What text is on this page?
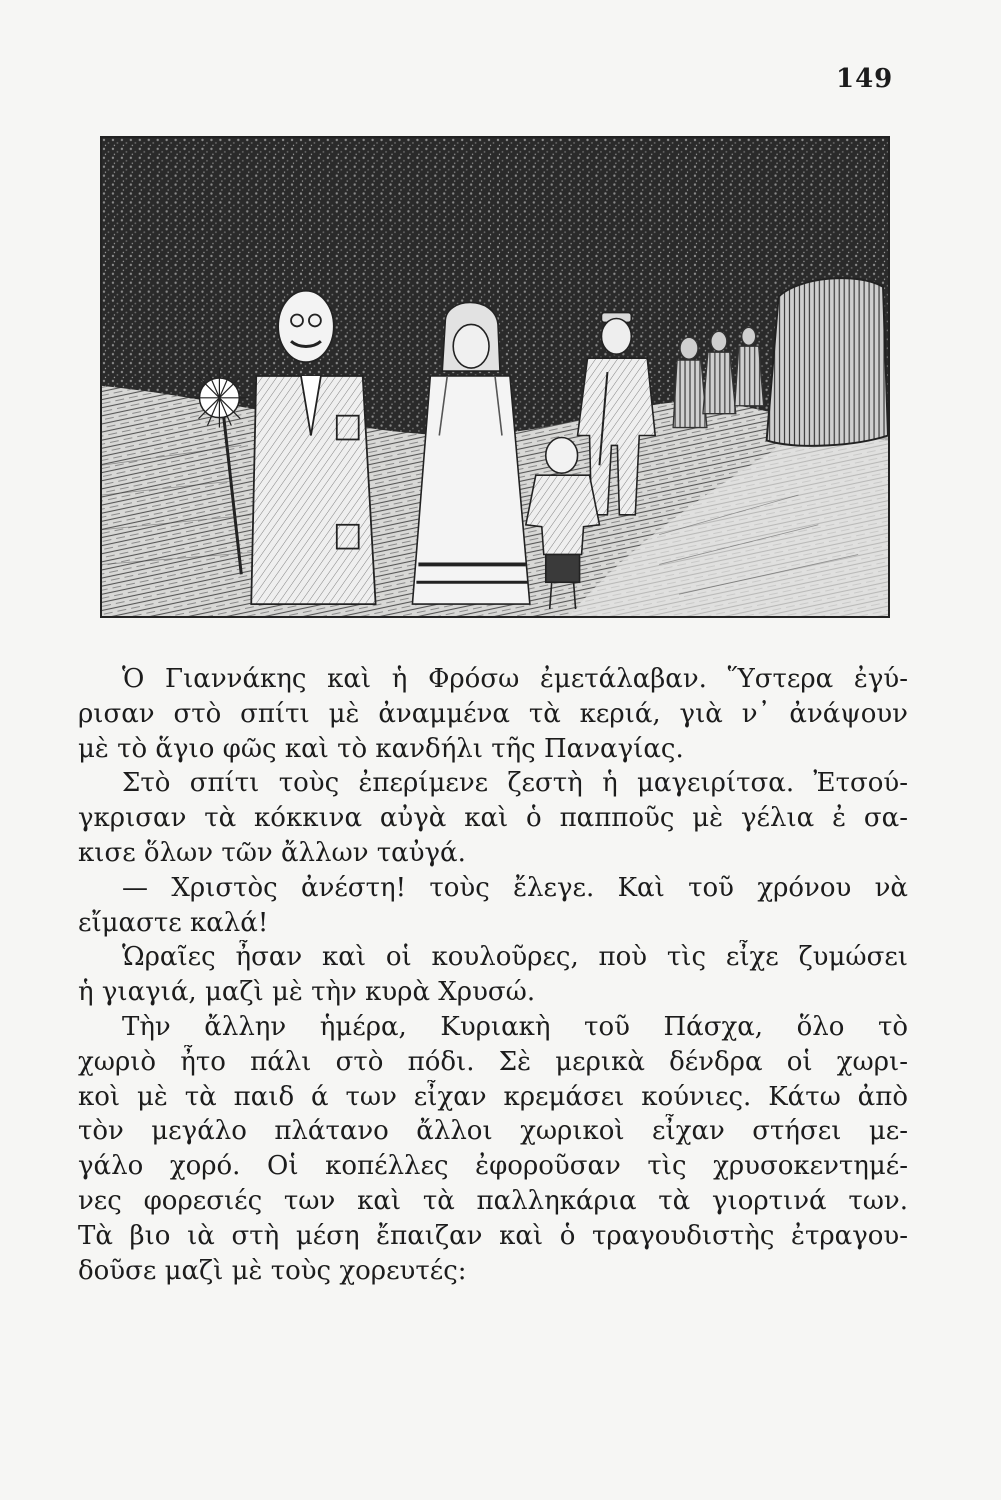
149

Ὁ Γιαννάκης καὶ ἡ Φρόσω ἐμετάλαβαν. Ὕστερα ἐγύ-

ρισαν στὸ σπίτι μὲ ἀναμμένα τὰ κεριά, γιὰ ν᾿ ἀνάψουν

μὲ τὸ ἅγιο φῶς καὶ τὸ κανδήλι τῆς Παναγίας.

Στὸ σπίτι τοὺς ἐπερίμενε ζεστὴ ἡ μαγειρίτσα. Ἐτσού-

γκρισαν τὰ κόκκινα αὐγὰ καὶ ὁ παπποῦς μὲ γέλια ἐ σα-

κισε ὅλων τῶν ἄλλων ταὐγά.

— Χριστὸς ἀνέστη! τοὺς ἔλεγε. Καὶ τοῦ χρόνου νὰ

εἴμαστε καλά!

Ὡραῖες ἦσαν καὶ οἱ κουλοῦρες, ποὺ τὶς εἶχε ζυμώσει

ἡ γιαγιά, μαζὶ μὲ τὴν κυρὰ Χρυσώ.

Τὴν ἄλλην ἡμέρα, Κυριακὴ τοῦ Πάσχα, ὅλο τὸ

χωριὸ ἦτο πάλι στὸ πόδι. Σὲ μερικὰ δένδρα οἱ χωρι-

κοὶ μὲ τὰ παιδ ά των εἶχαν κρεμάσει κούνιες. Κάτω ἀπὸ

τὸν μεγάλο πλάτανο ἄλλοι χωρικοὶ εἶχαν στήσει με-

γάλο χορό. Οἱ κοπέλλες ἐφοροῦσαν τὶς χρυσοκεντημέ-

νες φορεσιές των καὶ τὰ παλληκάρια τὰ γιορτινά των.

Τὰ βιο ιὰ στὴ μέση ἔπαιζαν καὶ ὁ τραγουδιστὴς ἐτραγου-

δοῦσε μαζὶ μὲ τοὺς χορευτές:
